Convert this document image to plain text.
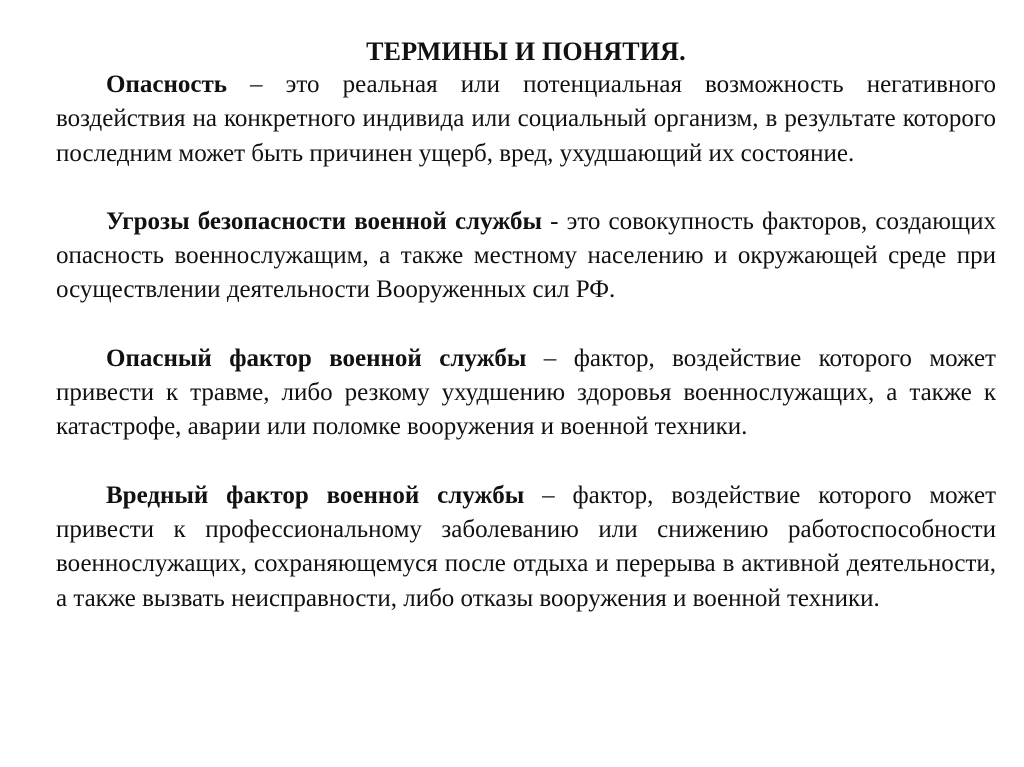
ТЕРМИНЫ И ПОНЯТИЯ.

Опасность – это реальная или потенциальная возможность негативного воздействия на конкретного индивида или социальный организм, в результате которого последним может быть причинен ущерб, вред, ухудшающий их состояние.

Угрозы безопасности военной службы - это совокупность факторов, создающих опасность военнослужащим, а также местному населению и окружающей среде при осуществлении деятельности Вооруженных сил РФ.

Опасный фактор военной службы – фактор, воздействие которого может привести к травме, либо резкому ухудшению здоровья военнослужащих, а также к катастрофе, аварии или поломке вооружения и военной техники.

Вредный фактор военной службы – фактор, воздействие которого может привести к профессиональному заболеванию или снижению работоспособности военнослужащих, сохраняющемуся после отдыха и перерыва в активной деятельности, а также вызвать неисправности, либо отказы вооружения и военной техники.
